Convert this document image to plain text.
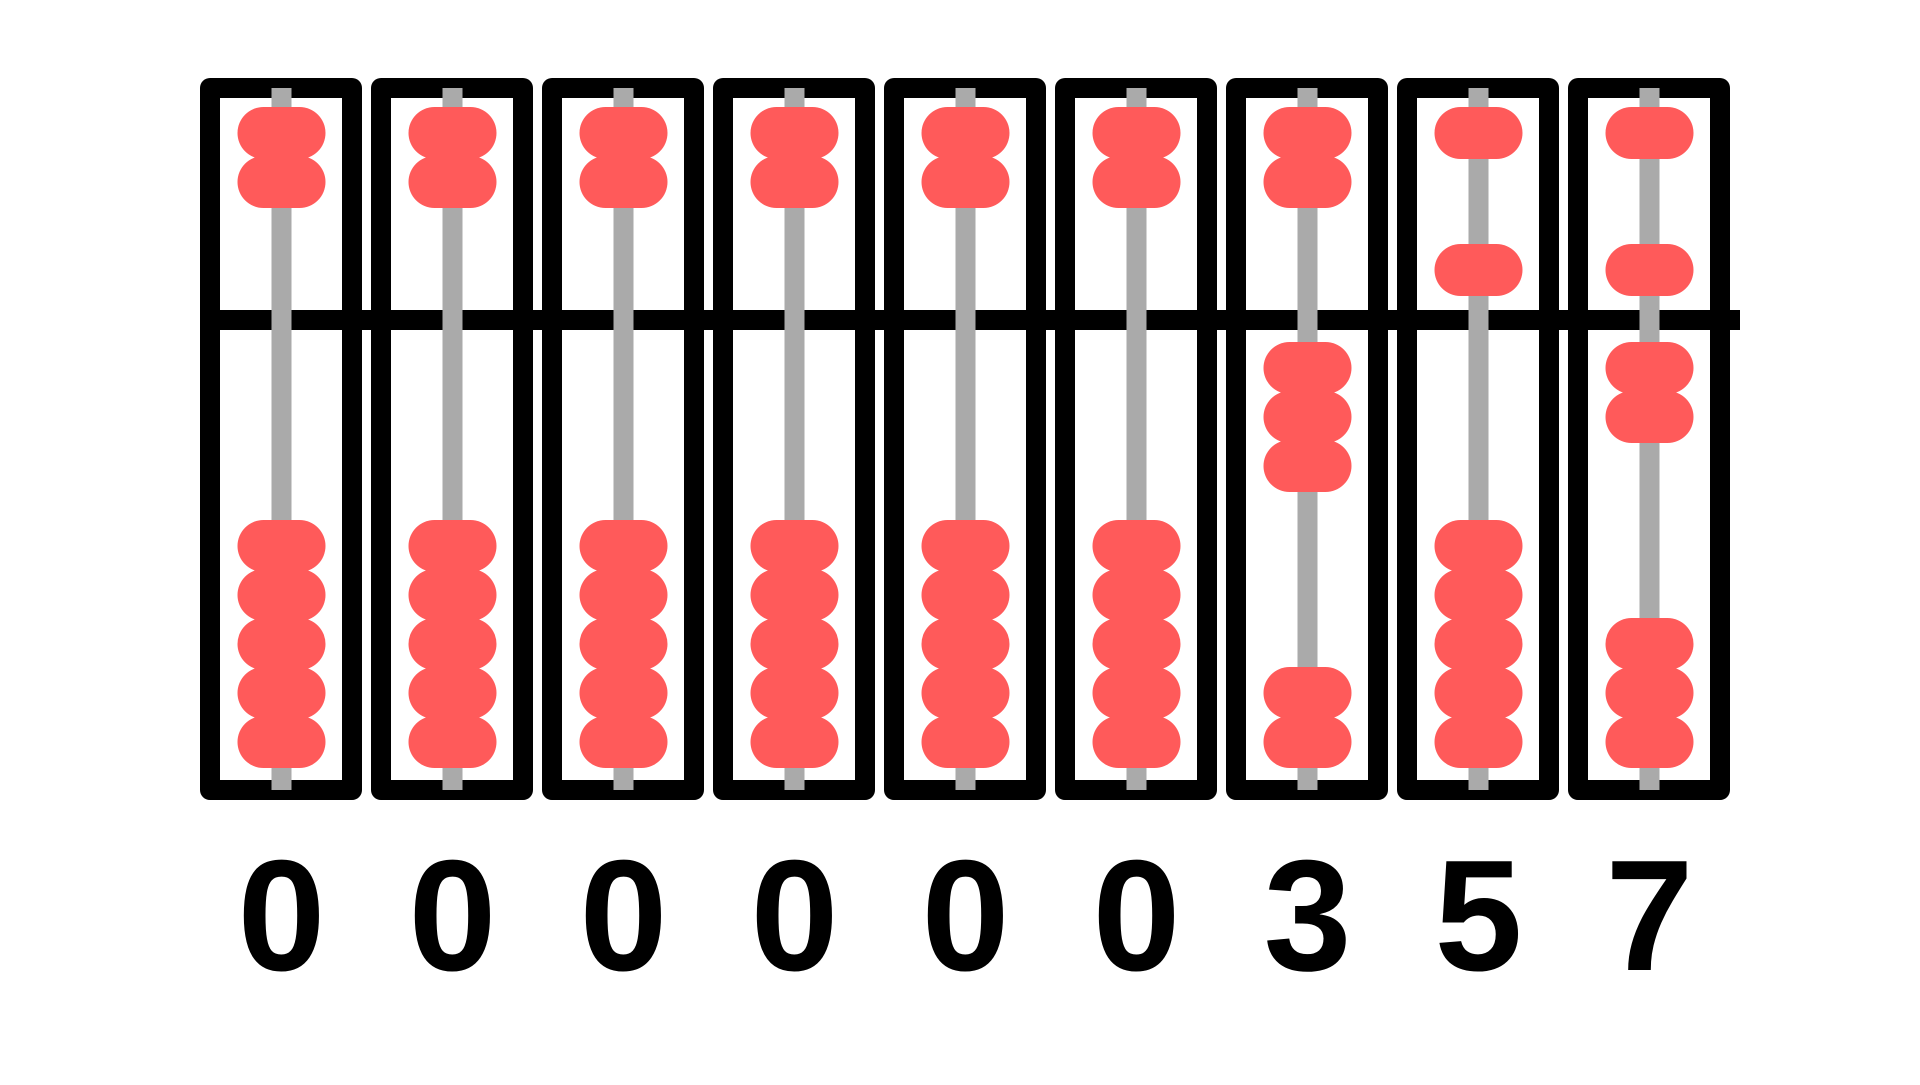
0 0 0 0 0 0 3 5 7
